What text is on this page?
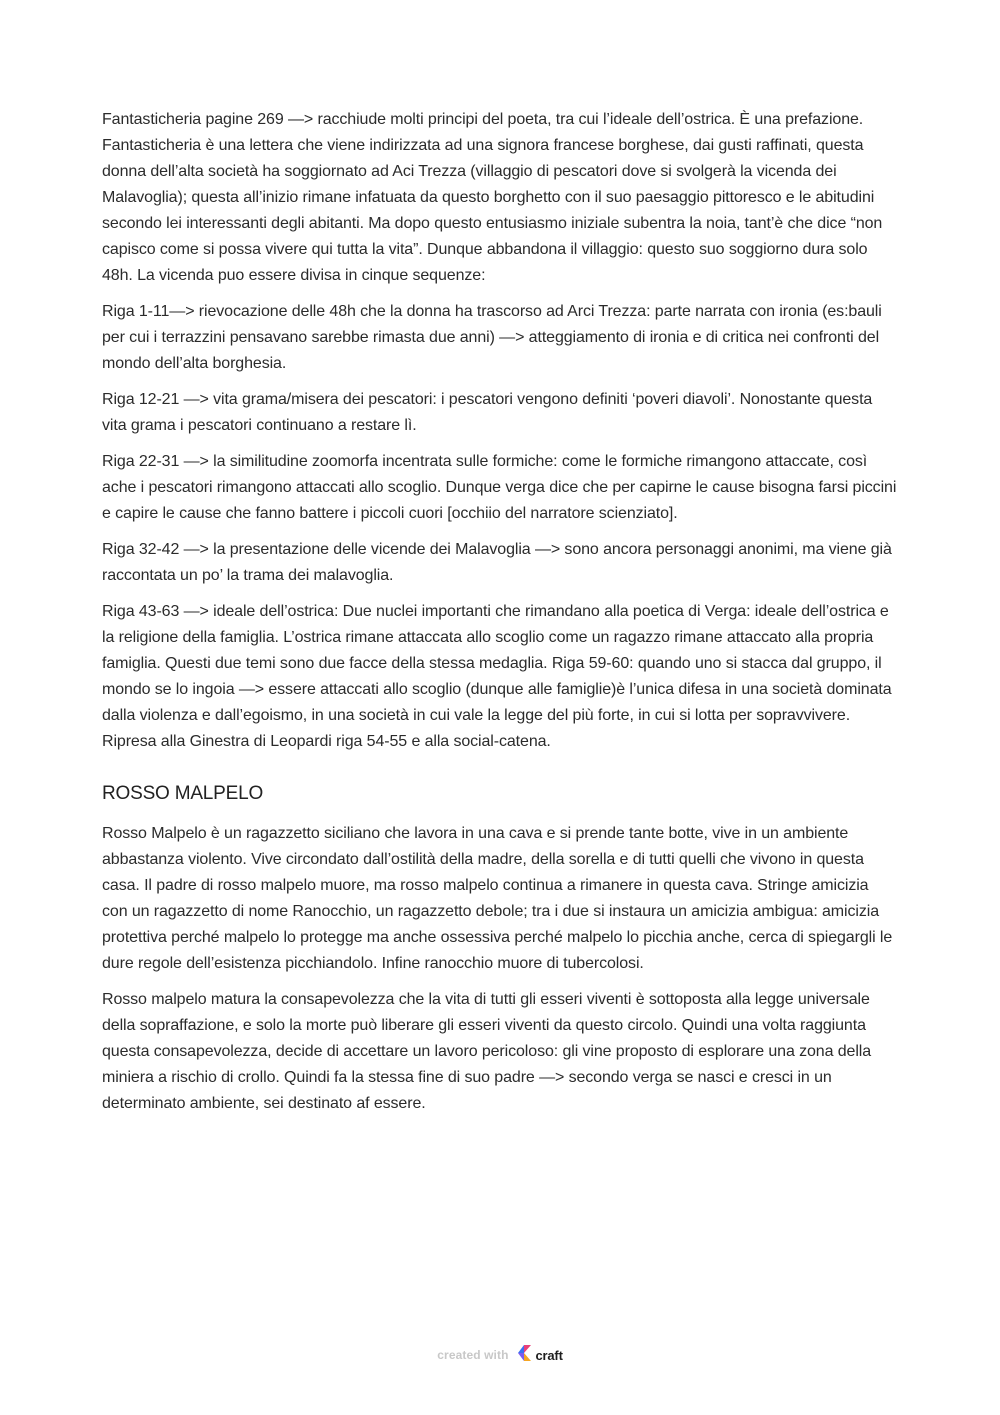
Fantasticheria pagine 269 —> racchiude molti principi del poeta, tra cui l’ideale dell’ostrica. È una prefazione. Fantasticheria è una lettera che viene indirizzata ad una signora francese borghese, dai gusti raffinati, questa donna dell’alta società ha soggiornato ad Aci Trezza (villaggio di pescatori dove si svolgerà la vicenda dei Malavoglia); questa all’inizio rimane infatuata da questo borghetto con il suo paesaggio pittoresco e le abitudini secondo lei interessanti degli abitanti. Ma dopo questo entusiasmo iniziale subentra la noia, tant’è che dice “non capisco come si possa vivere qui tutta la vita”. Dunque abbandona il villaggio: questo suo soggiorno dura solo 48h. La vicenda puo essere divisa in cinque sequenze:

Riga 1-11—> rievocazione delle 48h che la donna ha trascorso ad Arci Trezza: parte narrata con ironia (es:bauli per cui i terrazzini pensavano sarebbe rimasta due anni) —> atteggiamento di ironia e di critica nei confronti del mondo dell’alta borghesia.

Riga 12-21 —> vita grama/misera dei pescatori: i pescatori vengono definiti ‘poveri diavoli’. Nonostante questa vita grama i pescatori continuano a restare lì.

Riga 22-31 —> la similitudine zoomorfa incentrata sulle formiche: come le formiche rimangono attaccate, così ache i pescatori rimangono attaccati allo scoglio. Dunque verga dice che per capirne le cause bisogna farsi piccini e capire le cause che fanno battere i piccoli cuori [occhiio del narratore scienziato].

Riga 32-42 —> la presentazione delle vicende dei Malavoglia —> sono ancora personaggi anonimi, ma viene già raccontata un po’ la trama dei malavoglia.

Riga 43-63 —> ideale dell’ostrica: Due nuclei importanti che rimandano alla poetica di Verga: ideale dell’ostrica e la religione della famiglia. L’ostrica rimane attaccata allo scoglio come un ragazzo rimane attaccato alla propria famiglia. Questi due temi sono due facce della stessa medaglia. Riga 59-60: quando uno si stacca dal gruppo, il mondo se lo ingoia —> essere attaccati allo scoglio (dunque alle famiglie)è l’unica difesa in una società dominata dalla violenza e dall’egoismo, in una società in cui vale la legge del più forte, in cui si lotta per sopravvivere. Ripresa alla Ginestra di Leopardi riga 54-55 e alla social-catena.

ROSSO MALPELO

Rosso Malpelo è un ragazzetto siciliano che lavora in una cava e si prende tante botte, vive in un ambiente abbastanza violento. Vive circondato dall’ostilità della madre, della sorella e di tutti quelli che vivono in questa casa. Il padre di rosso malpelo muore, ma rosso malpelo continua a rimanere in questa cava. Stringe amicizia con un ragazzetto di nome Ranocchio, un ragazzetto debole; tra i due si instaura un amicizia ambigua: amicizia protettiva perché malpelo lo protegge ma anche ossessiva perché malpelo lo picchia anche, cerca di spiegargli le dure regole dell’esistenza picchiandolo. Infine ranocchio muore di tubercolosi.

Rosso malpelo matura la consapevolezza che la vita di tutti gli esseri viventi è sottoposta alla legge universale della sopraffazione, e solo la morte può liberare gli esseri viventi da questo circolo. Quindi una volta raggiunta questa consapevolezza, decide di accettare un lavoro pericoloso: gli vine proposto di esplorare una zona della miniera a rischio di crollo. Quindi fa la stessa fine di suo padre —> secondo verga se nasci e cresci in un determinato ambiente, sei destinato af essere.

created with craft
